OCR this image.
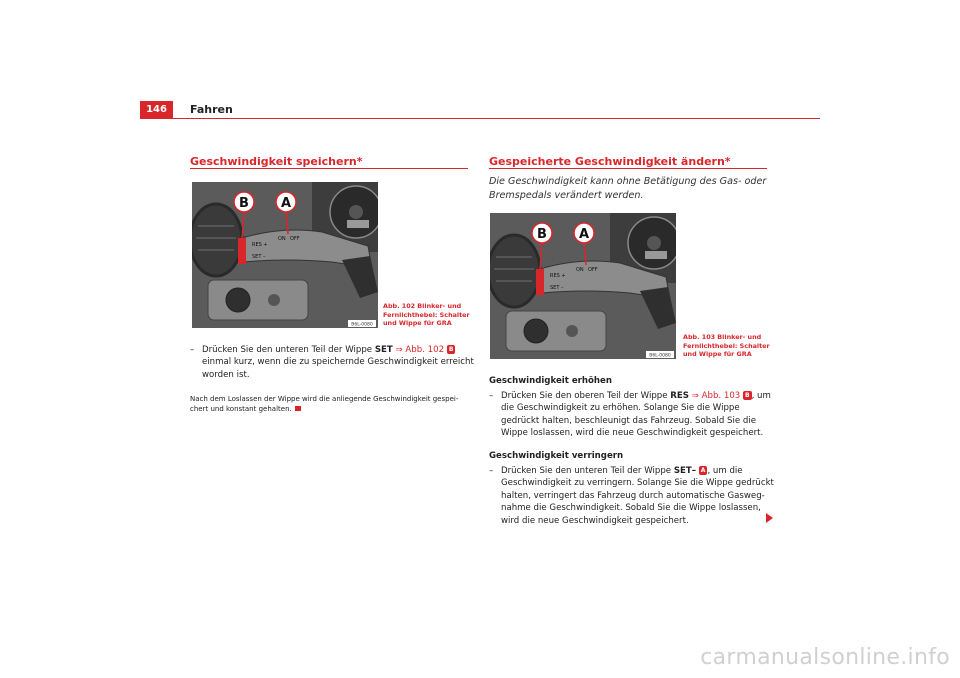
146	Fahren
Geschwindigkeit speichern*
RES +
SET –
ON OFF
B A
B6L-0080
Abb. 102 Blinker- und
Fernlichthebel: Schalter
und Wippe für GRA
– Drücken Sie den unteren Teil der Wippe SET ⇒ Abb. 102 B
einmal kurz, wenn die zu speichernde Geschwindigkeit erreicht
worden ist.
Nach dem Loslassen der Wippe wird die anliegende Geschwindigkeit gespei-
chert und konstant gehalten.
Gespeicherte Geschwindigkeit ändern*
Die Geschwindigkeit kann ohne Betätigung des Gas- oder
Bremspedals verändert werden.
RES +
SET –
ON OFF
B A
B6L-0080
Abb. 103 Blinker- und
Fernlichthebel: Schalter
und Wippe für GRA
Geschwindigkeit erhöhen
– Drücken Sie den oberen Teil der Wippe RES ⇒ Abb. 103 B , um
die Geschwindigkeit zu erhöhen. Solange Sie die Wippe
gedrückt halten, beschleunigt das Fahrzeug. Sobald Sie die
Wippe loslassen, wird die neue Geschwindigkeit gespeichert.
Geschwindigkeit verringern
– Drücken Sie den unteren Teil der Wippe SET– A , um die
Geschwindigkeit zu verringern. Solange Sie die Wippe gedrückt
halten, verringert das Fahrzeug durch automatische Gasweg-
nahme die Geschwindigkeit. Sobald Sie die Wippe loslassen,
wird die neue Geschwindigkeit gespeichert.
carmanualsonline.info
